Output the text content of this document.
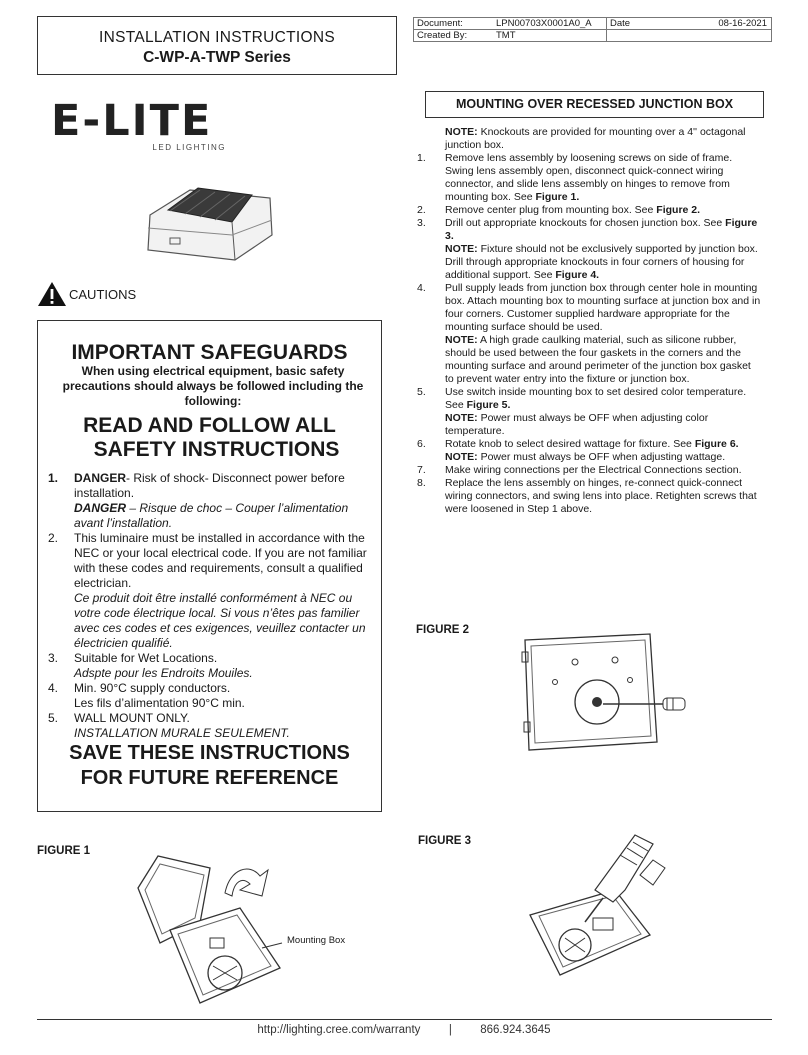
INSTALLATION INSTRUCTIONS
C-WP-A-TWP Series
Document:	LPN00703X0001A0_A	Date	08-16-2021
Created By:	TMT
E-LITE
LED LIGHTING
CAUTIONS
IMPORTANT SAFEGUARDS
When using electrical equipment, basic safety precautions should always be followed including the following:
READ AND FOLLOW ALL
SAFETY INSTRUCTIONS
1.	DANGER- Risk of shock- Disconnect power before installation.
DANGER – Risque de choc – Couper l’alimentation avant l’installation.
2.	This luminaire must be installed in accordance with the NEC or your local electrical code. If you are not familiar with these codes and requirements, consult a qualified electrician.
Ce produit doit être installé conformément à NEC ou votre code électrique local. Si vous n’êtes pas familier avec ces codes et ces exigences, veuillez contacter un électricien qualifié.
3.	Suitable for Wet Locations.
Adspte pour les Endroits Mouiles.
4.	Min. 90°C supply conductors.
Les fils d’alimentation 90°C min.
5.	WALL MOUNT ONLY.
INSTALLATION MURALE SEULEMENT.
SAVE THESE INSTRUCTIONS
FOR FUTURE REFERENCE
MOUNTING OVER RECESSED JUNCTION BOX
NOTE: Knockouts are provided for mounting over a 4'' octagonal junction box.
1.	Remove lens assembly by loosening screws on side of frame. Swing lens assembly open, disconnect quick-connect wiring connector, and slide lens assembly on hinges to remove from mounting box. See Figure 1.
2.	Remove center plug from mounting box. See Figure 2.
3.	Drill out appropriate knockouts for chosen junction box. See Figure 3.
NOTE: Fixture should not be exclusively supported by junction box. Drill through appropriate knockouts in four corners of housing for additional support. See Figure 4.
4.	Pull supply leads from junction box through center hole in mounting box. Attach mounting box to mounting surface at junction box and in four corners. Customer supplied hardware appropriate for the mounting surface should be used.
NOTE: A high grade caulking material, such as silicone rubber, should be used between the four gaskets in the corners and the mounting surface and around perimeter of the junction box gasket to prevent water entry into the fixture or junction box.
5.	Use switch inside mounting box to set desired color temperature. See Figure 5.
NOTE: Power must always be OFF when adjusting color temperature.
6.	Rotate knob to select desired wattage for fixture. See Figure 6.
NOTE: Power must always be OFF when adjusting wattage.
7.	Make wiring connections per the Electrical Connections section.
8.	Replace the lens assembly on hinges, re-connect quick-connect wiring connectors, and swing lens into place. Retighten screws that were loosened in Step 1 above.
FIGURE 2
FIGURE 3
FIGURE 1
Mounting Box
http://lighting.cree.com/warranty | 866.924.3645
